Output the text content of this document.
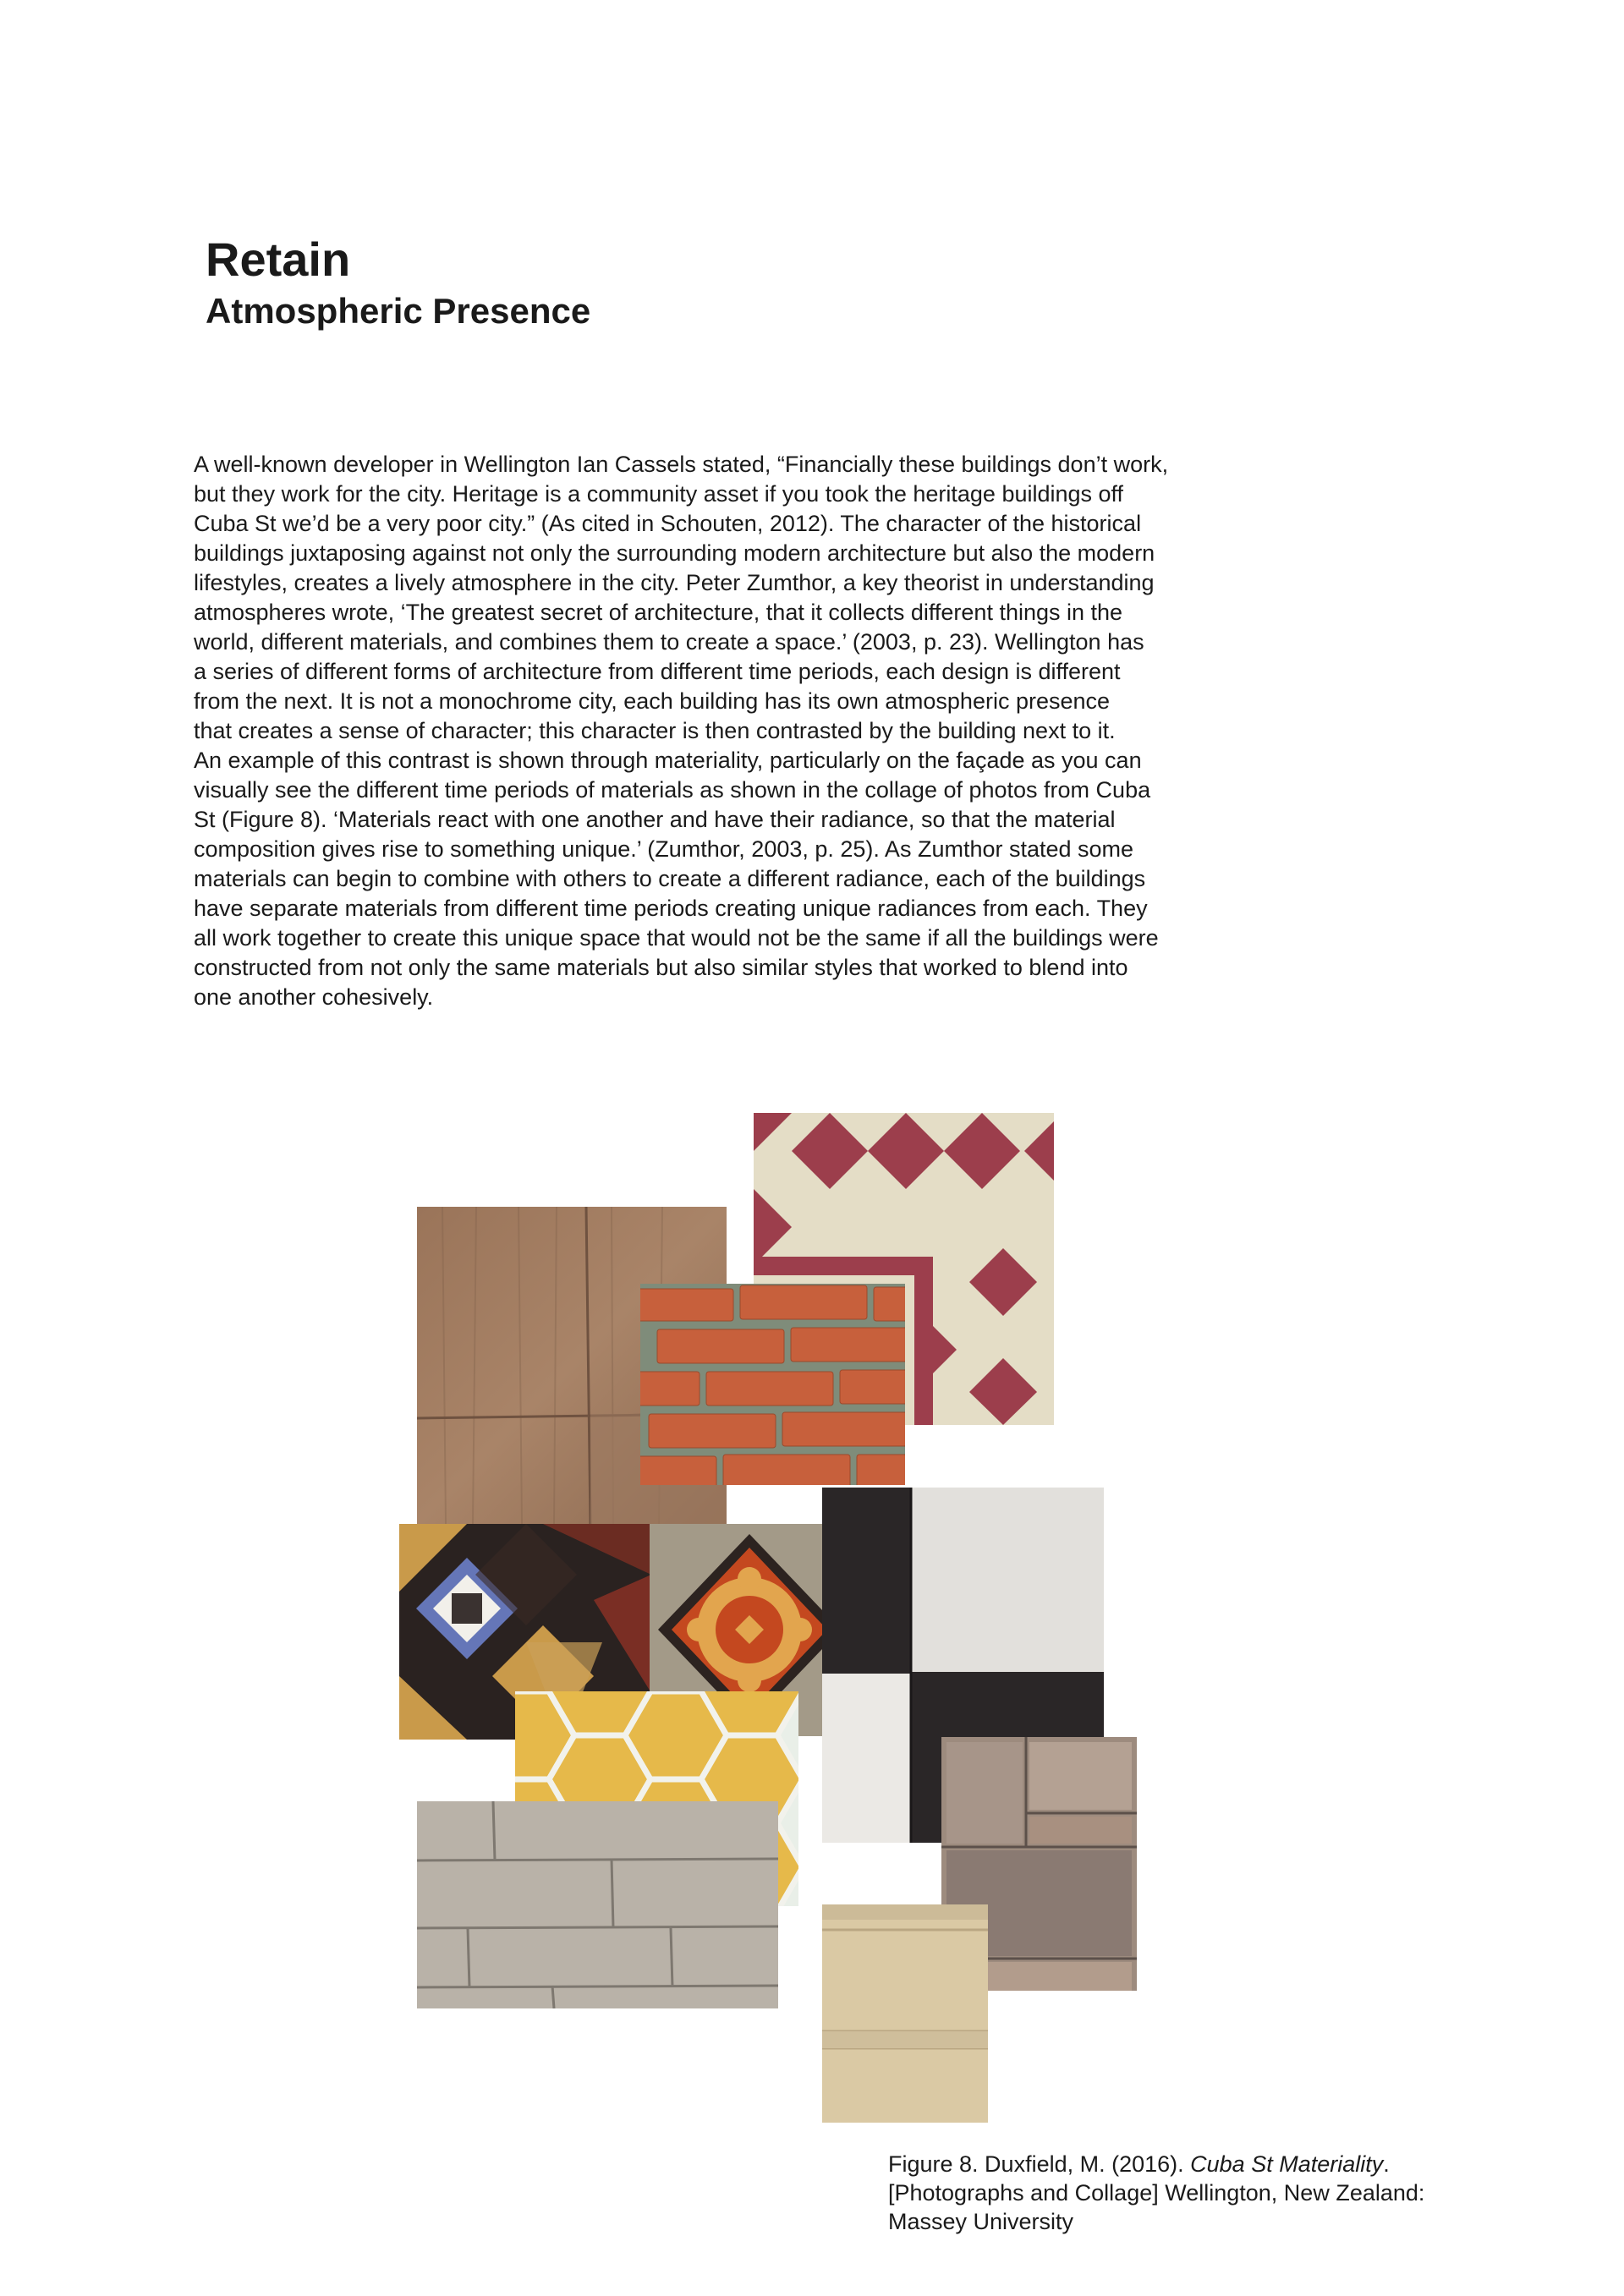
Retain
Atmospheric Presence

A well-known developer in Wellington Ian Cassels stated, “Financially these buildings don’t work,
but they work for the city. Heritage is a community asset if you took the heritage buildings off
Cuba St we’d be a very poor city.” (As cited in Schouten, 2012). The character of the historical
buildings juxtaposing against not only the surrounding modern architecture but also the modern
lifestyles, creates a lively atmosphere in the city. Peter Zumthor, a key theorist in understanding
atmospheres wrote, ‘The greatest secret of architecture, that it collects different things in the
world, different materials, and combines them to create a space.’ (2003, p. 23). Wellington has
a series of different forms of architecture from different time periods, each design is different
from the next. It is not a monochrome city, each building has its own atmospheric presence
that creates a sense of character; this character is then contrasted by the building next to it.
An example of this contrast is shown through materiality, particularly on the façade as you can
visually see the different time periods of materials as shown in the collage of photos from Cuba
St (Figure 8). ‘Materials react with one another and have their radiance, so that the material
composition gives rise to something unique.’ (Zumthor, 2003, p. 25). As Zumthor stated some
materials can begin to combine with others to create a different radiance, each of the buildings
have separate materials from different time periods creating unique radiances from each. They
all work together to create this unique space that would not be the same if all the buildings were
constructed from not only the same materials but also similar styles that worked to blend into
one another cohesively.

Figure 8. Duxfield, M. (2016). Cuba St Materiality.
[Photographs and Collage] Wellington, New Zealand:
Massey University
